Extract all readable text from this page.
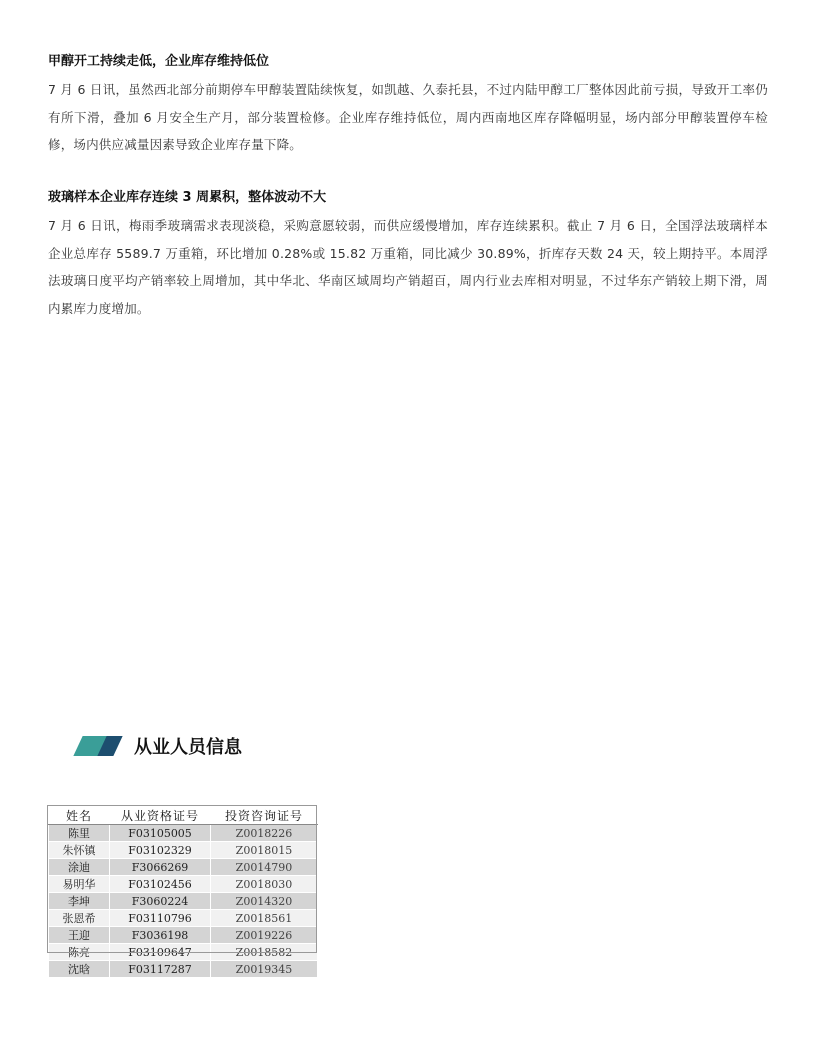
甲醇开工持续走低，企业库存维持低位

7 月 6 日讯，虽然西北部分前期停车甲醇装置陆续恢复，如凯越、久泰托县，不过内陆甲醇工厂整体因此前亏损，导致开工率仍有所下滑，叠加 6 月安全生产月，部分装置检修。企业库存维持低位，周内西南地区库存降幅明显，场内部分甲醇装置停车检修，场内供应减量因素导致企业库存量下降。

玻璃样本企业库存连续 3 周累积，整体波动不大

7 月 6 日讯，梅雨季玻璃需求表现淡稳，采购意愿较弱，而供应缓慢增加，库存连续累积。截止 7 月 6 日，全国浮法玻璃样本企业总库存 5589.7 万重箱，环比增加 0.28%或 15.82 万重箱，同比减少 30.89%，折库存天数 24 天，较上期持平。本周浮法玻璃日度平均产销率较上周增加，其中华北、华南区域周均产销超百，周内行业去库相对明显，不过华东产销较上期下滑，周内累库力度增加。

从业人员信息
姓名	从业资格证号	投资咨询证号
陈里	F03105005	Z0018226
朱怀镇	F03102329	Z0018015
涂迪	F3066269	Z0014790
易明华	F03102456	Z0018030
李坤	F3060224	Z0014320
张恩希	F03110796	Z0018561
王迎	F3036198	Z0019226
陈亮	F03109647	Z0018582
沈晗	F03117287	Z0019345
